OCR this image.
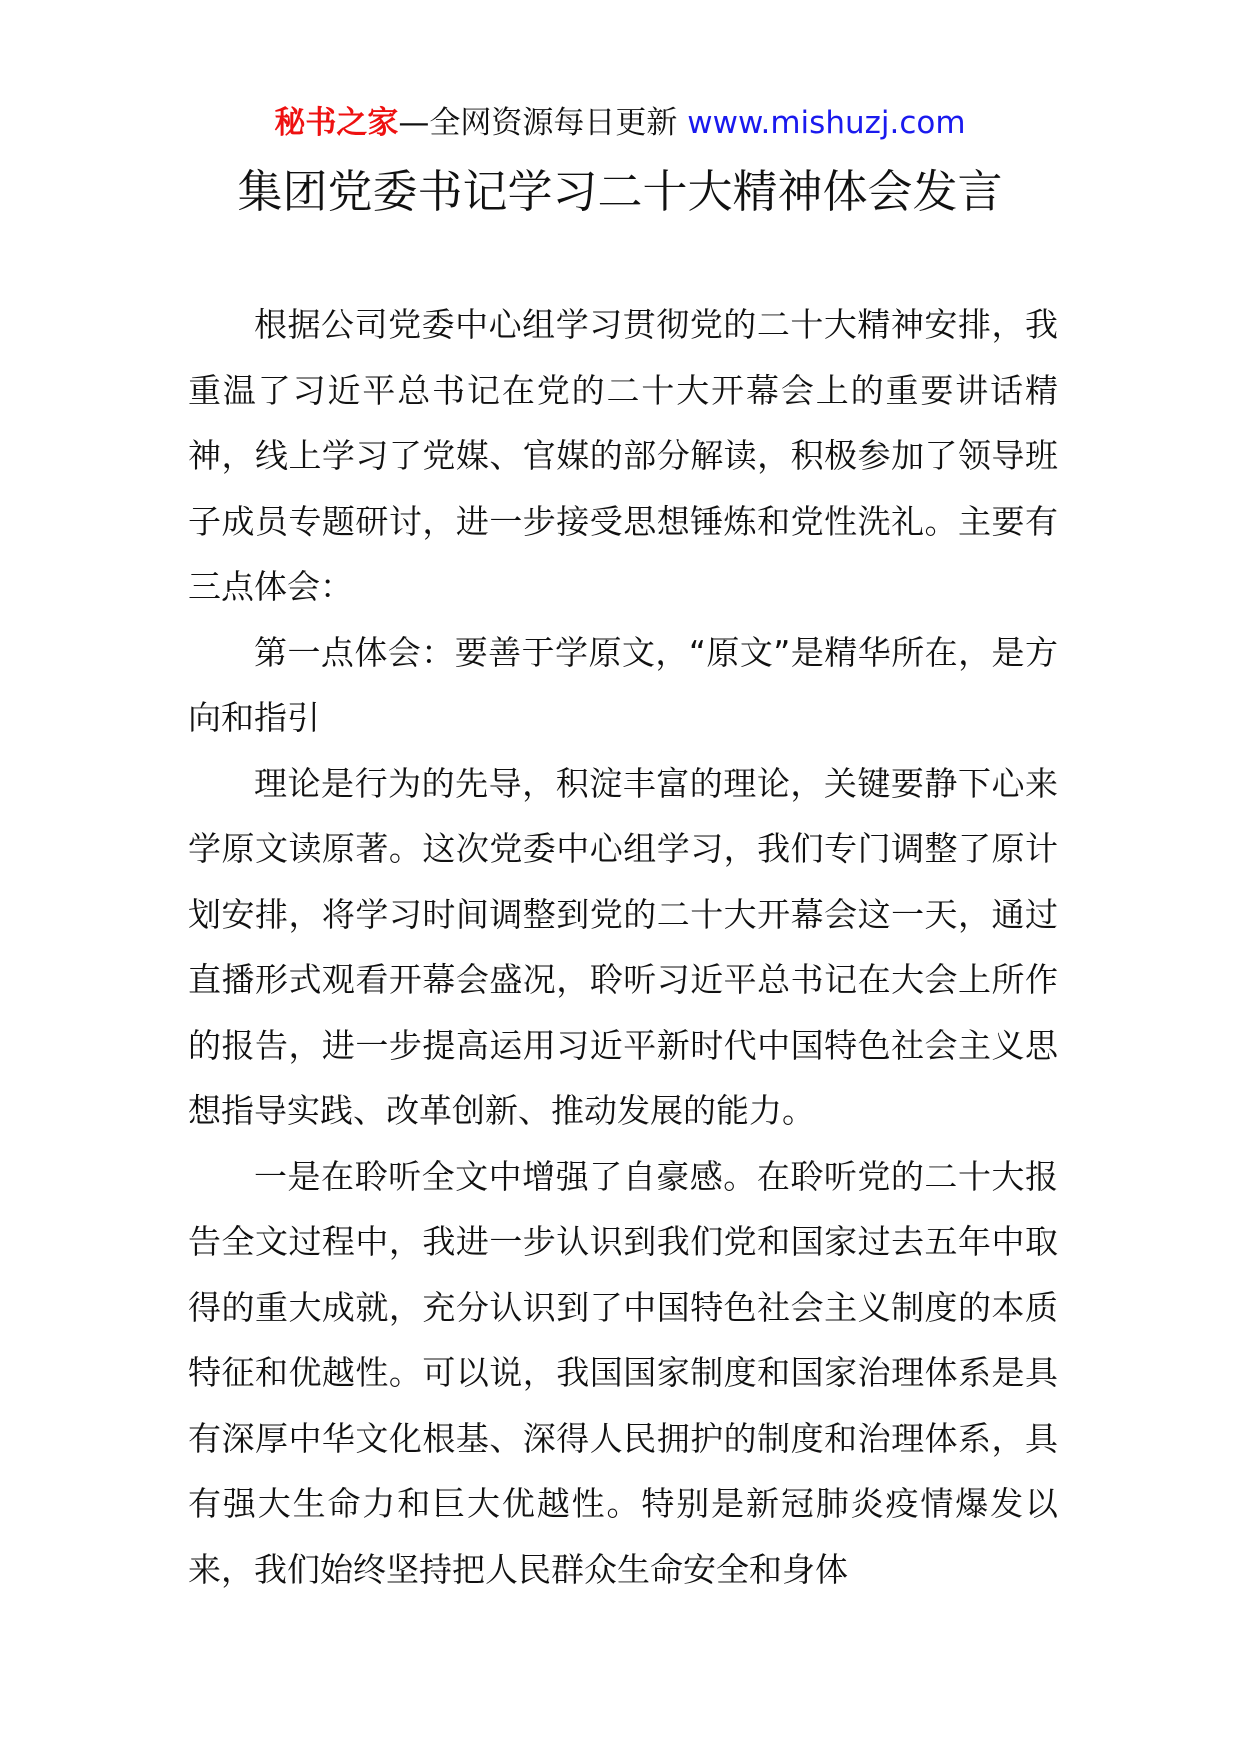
秘书之家—全网资源每日更新 www.mishuzj.com
集团党委书记学习二十大精神体会发言

根据公司党委中心组学习贯彻党的二十大精神安排，我重温了习近平总书记在党的二十大开幕会上的重要讲话精神，线上学习了党媒、官媒的部分解读，积极参加了领导班子成员专题研讨，进一步接受思想锤炼和党性洗礼。主要有三点体会：

第一点体会：要善于学原文，“原文”是精华所在，是方向和指引

理论是行为的先导，积淀丰富的理论，关键要静下心来学原文读原著。这次党委中心组学习，我们专门调整了原计划安排，将学习时间调整到党的二十大开幕会这一天，通过直播形式观看开幕会盛况，聆听习近平总书记在大会上所作的报告，进一步提高运用习近平新时代中国特色社会主义思想指导实践、改革创新、推动发展的能力。

一是在聆听全文中增强了自豪感。在聆听党的二十大报告全文过程中，我进一步认识到我们党和国家过去五年中取得的重大成就，充分认识到了中国特色社会主义制度的本质特征和优越性。可以说，我国国家制度和国家治理体系是具有深厚中华文化根基、深得人民拥护的制度和治理体系，具有强大生命力和巨大优越性。特别是新冠肺炎疫情爆发以来，我们始终坚持把人民群众生命安全和身体
